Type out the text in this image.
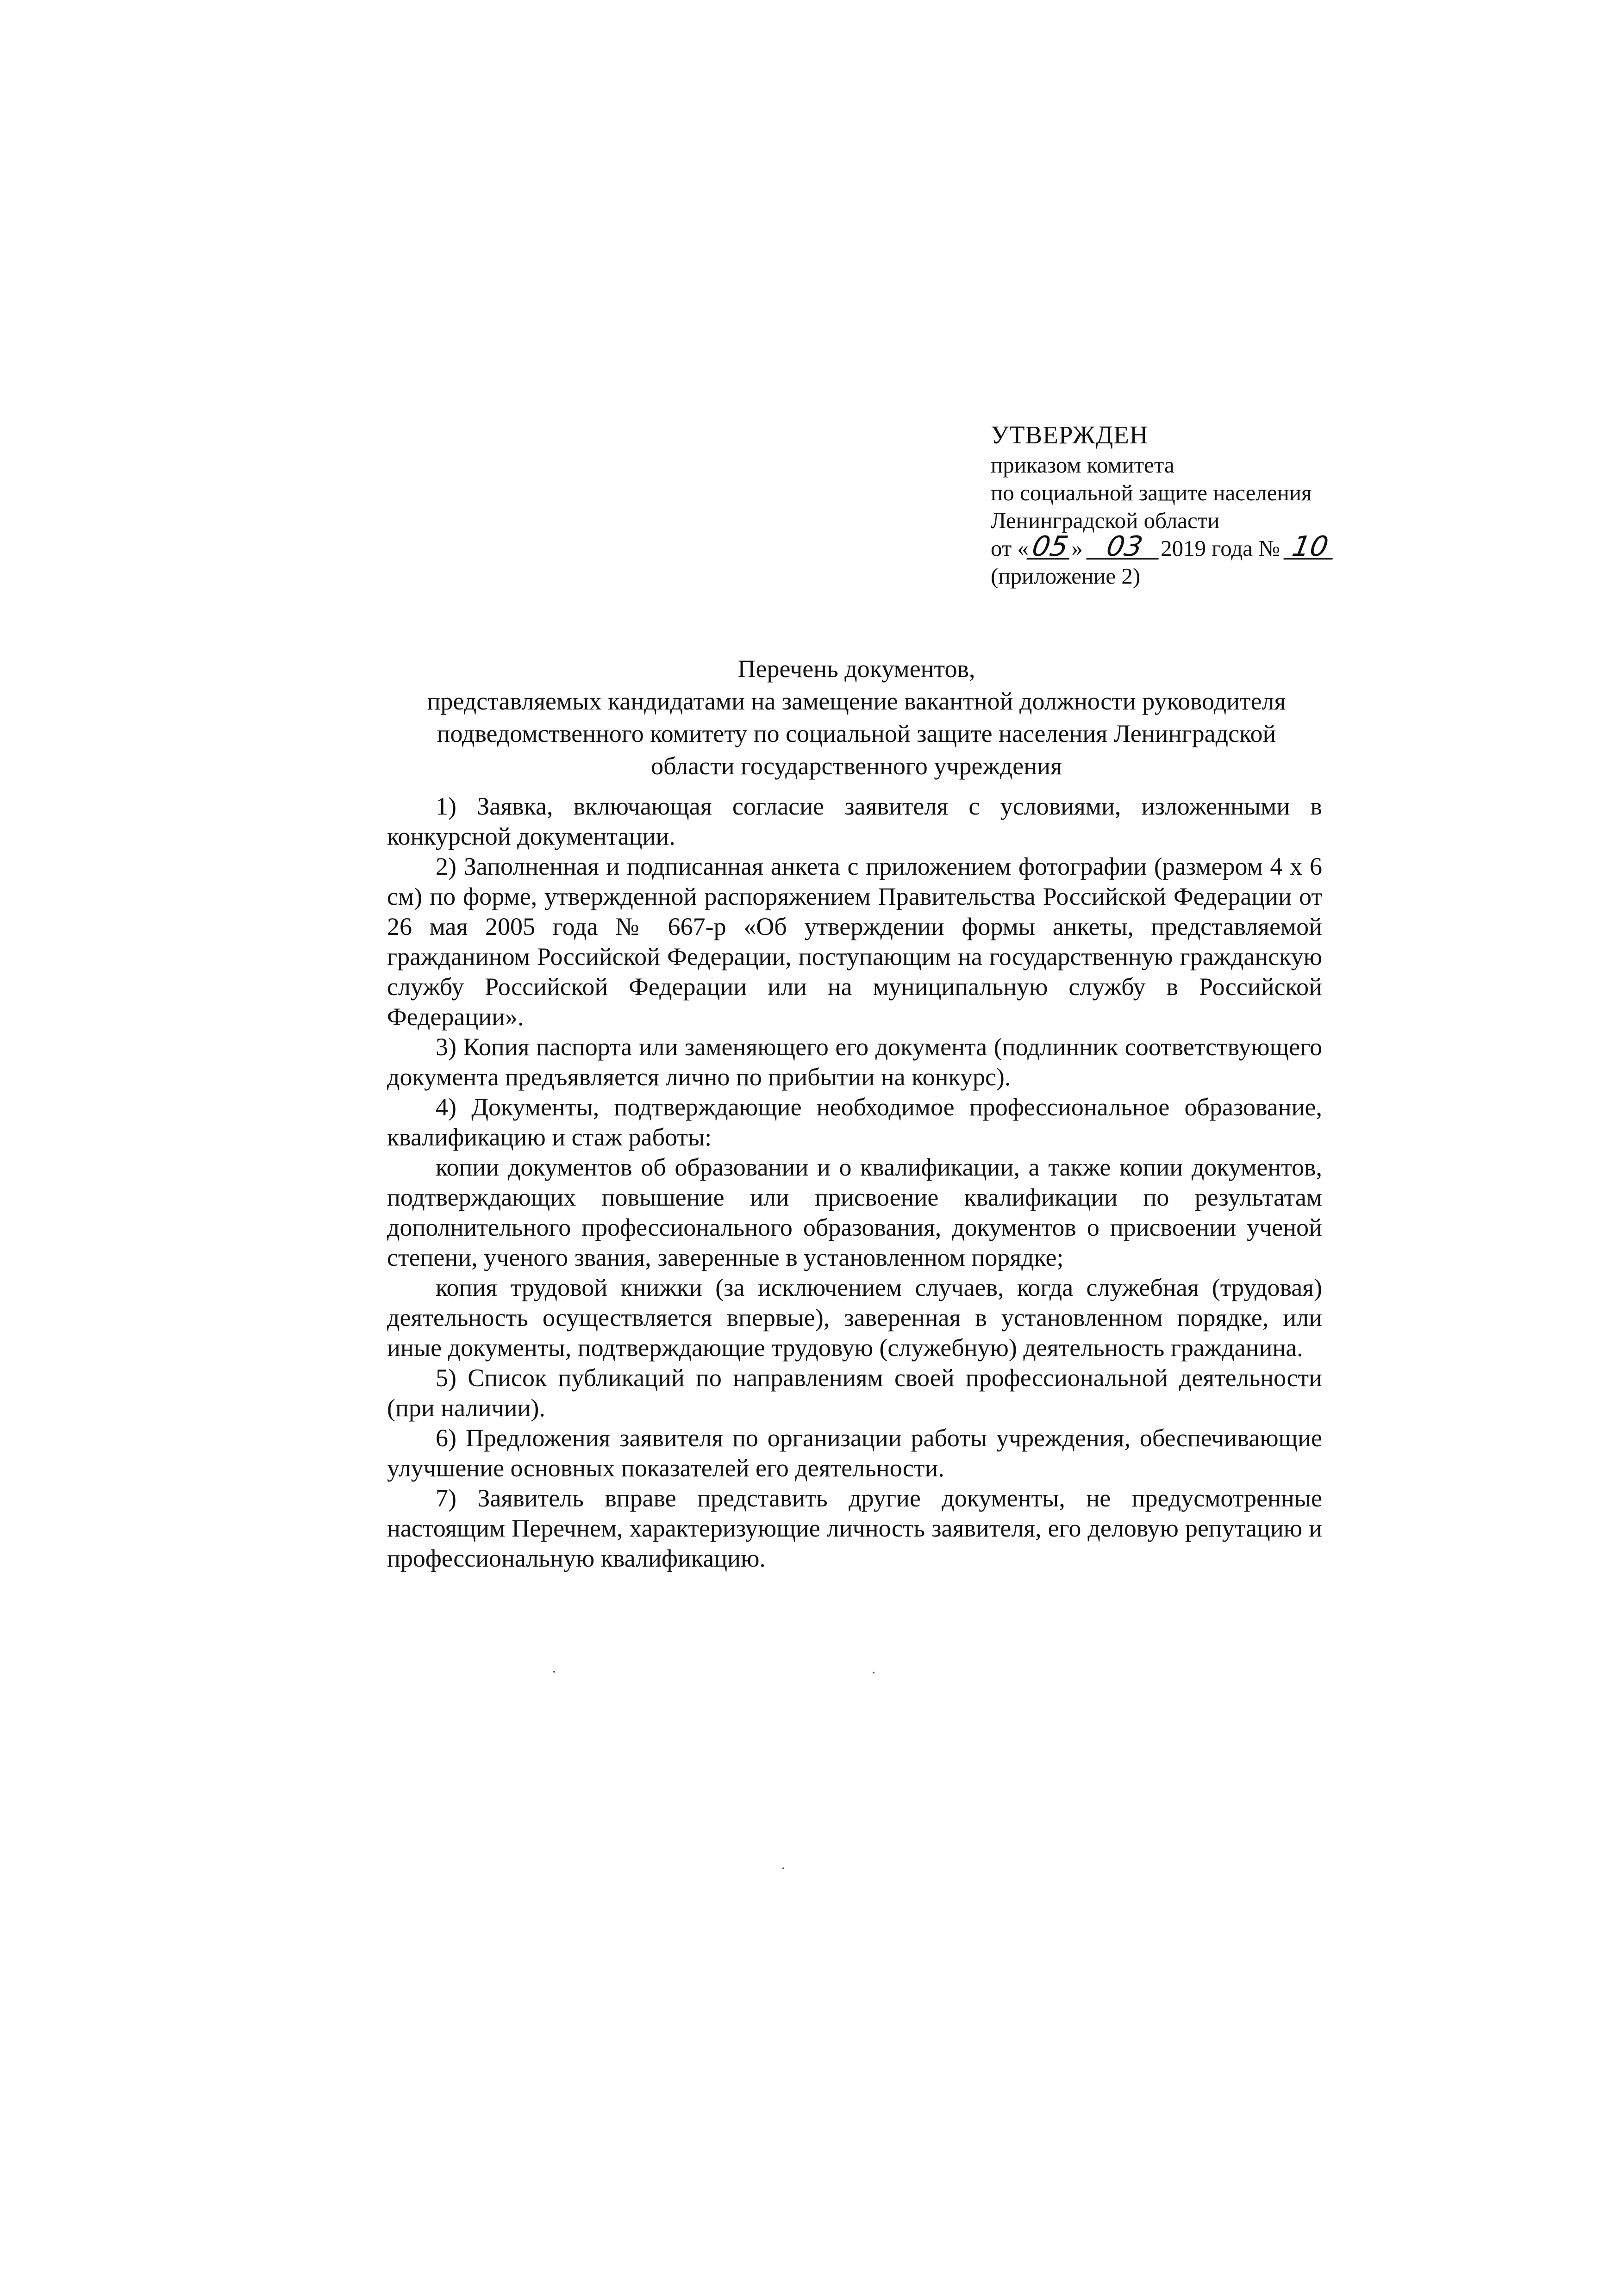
УТВЕРЖДЕН
приказом комитета
по социальной защите населения
Ленинградской области
от «05» 03 2019 года № 10
(приложение 2)
Перечень документов,
представляемых кандидатами на замещение вакантной должности руководителя
подведомственного комитету по социальной защите населения Ленинградской
области государственного учреждения

1) Заявка, включающая согласие заявителя с условиями, изложенными в конкурсной документации.

2) Заполненная и подписанная анкета с приложением фотографии (размером 4 х 6 см) по форме, утвержденной распоряжением Правительства Российской Федерации от 26 мая 2005 года № 667-р «Об утверждении формы анкеты, представляемой гражданином Российской Федерации, поступающим на государственную гражданскую службу Российской Федерации или на муниципальную службу в Российской Федерации».

3) Копия паспорта или заменяющего его документа (подлинник соответствующего документа предъявляется лично по прибытии на конкурс).

4) Документы, подтверждающие необходимое профессиональное образование, квалификацию и стаж работы:

копии документов об образовании и о квалификации, а также копии документов, подтверждающих повышение или присвоение квалификации по результатам дополнительного профессионального образования, документов о присвоении ученой степени, ученого звания, заверенные в установленном порядке;

копия трудовой книжки (за исключением случаев, когда служебная (трудовая) деятельность осуществляется впервые), заверенная в установленном порядке, или иные документы, подтверждающие трудовую (служебную) деятельность гражданина.

5) Список публикаций по направлениям своей профессиональной деятельности (при наличии).

6) Предложения заявителя по организации работы учреждения, обеспечивающие улучшение основных показателей его деятельности.

7) Заявитель вправе представить другие документы, не предусмотренные настоящим Перечнем, характеризующие личность заявителя, его деловую репутацию и профессиональную квалификацию.
